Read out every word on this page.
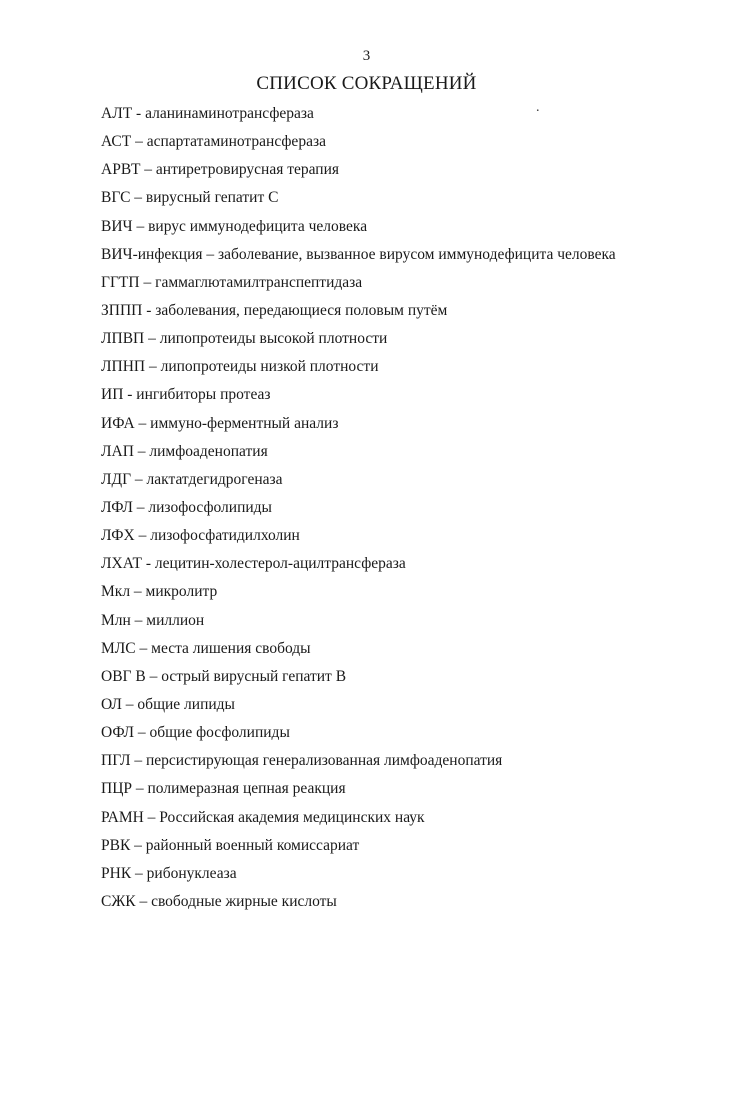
3
СПИСОК СОКРАЩЕНИЙ
.
АЛТ - аланинаминотрансфераза
АСТ – аспартатаминотрансфераза
АРВТ – антиретровирусная терапия
ВГС – вирусный гепатит С
ВИЧ – вирус иммунодефицита человека
ВИЧ-инфекция – заболевание, вызванное вирусом иммунодефицита человека
ГГТП – гаммаглютамилтранспептидаза
ЗППП - заболевания, передающиеся половым путём
ЛПВП – липопротеиды высокой плотности
ЛПНП – липопротеиды низкой плотности
ИП - ингибиторы протеаз
ИФА – иммуно-ферментный анализ
ЛАП – лимфоаденопатия
ЛДГ – лактатдегидрогеназа
ЛФЛ – лизофосфолипиды
ЛФХ – лизофосфатидилхолин
ЛХАТ - лецитин-холестерол-ацилтрансфераза
Мкл – микролитр
Млн – миллион
МЛС – места лишения свободы
ОВГ В – острый вирусный гепатит В
ОЛ – общие липиды
ОФЛ – общие фосфолипиды
ПГЛ – персистирующая генерализованная лимфоаденопатия
ПЦР – полимеразная цепная реакция
РАМН – Российская академия медицинских наук
РВК – районный военный комиссариат
РНК – рибонуклеаза
СЖК – свободные жирные кислоты
